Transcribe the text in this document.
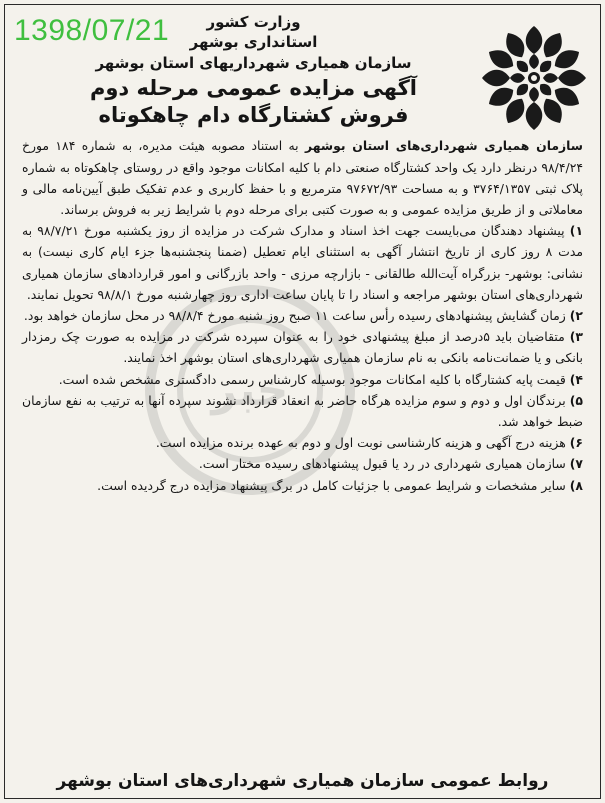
1398/07/21	وزارت کشور
استانداری بوشهر
سازمان همیاری شهرداریهای استان بوشهر
آگهی مزایده عمومی مرحله دوم
فروش کشتارگاه دام چاهکوتاه
خبر

سازمان همیاری شهرداری‌های استان بوشهر به استناد مصوبه هیئت مدیره، به شماره ۱۸۴ مورخ ۹۸/۴/۲۴ درنظر دارد یک واحد کشتارگاه صنعتی دام با کلیه امکانات موجود واقع در روستای چاهکوتاه به شماره پلاک ثبتی ۳۷۶۴/۱۳۵۷ و به مساحت ۹۷۶۷۲/۹۳ مترمربع و با حفظ کاربری و عدم تفکیک طبق آیین‌نامه مالی و معاملاتی و از طریق مزایده عمومی و به صورت کتبی برای مرحله دوم با شرایط زیر به فروش برساند.

۱) پیشنهاد دهندگان می‌بایست جهت اخذ اسناد و مدارک شرکت در مزایده از روز یکشنبه مورخ ۹۸/۷/۲۱ به مدت ۸ روز کاری از تاریخ انتشار آگهی به استثنای ایام تعطیل (ضمنا پنجشنبه‌ها جزء ایام کاری نیست) به نشانی: بوشهر- بزرگراه آیت‌الله طالقانی - بازارچه مرزی - واحد بازرگانی و امور قراردادهای سازمان همیاری شهرداری‌های استان بوشهر مراجعه و اسناد را تا پایان ساعت اداری روز چهارشنبه مورخ ۹۸/۸/۱ تحویل نمایند.

۲) زمان گشایش پیشنهادهای رسیده رأس ساعت ۱۱ صبح روز شنبه مورخ ۹۸/۸/۴ در محل سازمان خواهد بود.

۳) متقاضیان باید ۵درصد از مبلغ پیشنهادی خود را به عنوان سپرده شرکت در مزایده به صورت چک رمزدار بانکی و یا ضمانت‌نامه بانکی به نام سازمان همیاری شهرداری‌های استان بوشهر اخذ نمایند.

۴) قیمت پایه کشتارگاه با کلیه امکانات موجود بوسیله کارشناس رسمی دادگستری مشخص شده است.

۵) برندگان اول و دوم و سوم مزایده هرگاه حاضر به انعقاد قرارداد نشوند سپرده آنها به ترتیب به نفع سازمان ضبط خواهد شد.

۶) هزینه درج آگهی و هزینه کارشناسی نوبت اول و دوم به عهده برنده مزایده است.

۷) سازمان همیاری شهرداری در رد یا قبول پیشنهادهای رسیده مختار است.

۸) سایر مشخصات و شرایط عمومی با جزئیات کامل در برگ پیشنهاد مزایده درج گردیده است.

روابط عمومی سازمان همیاری شهرداری‌های استان بوشهر
